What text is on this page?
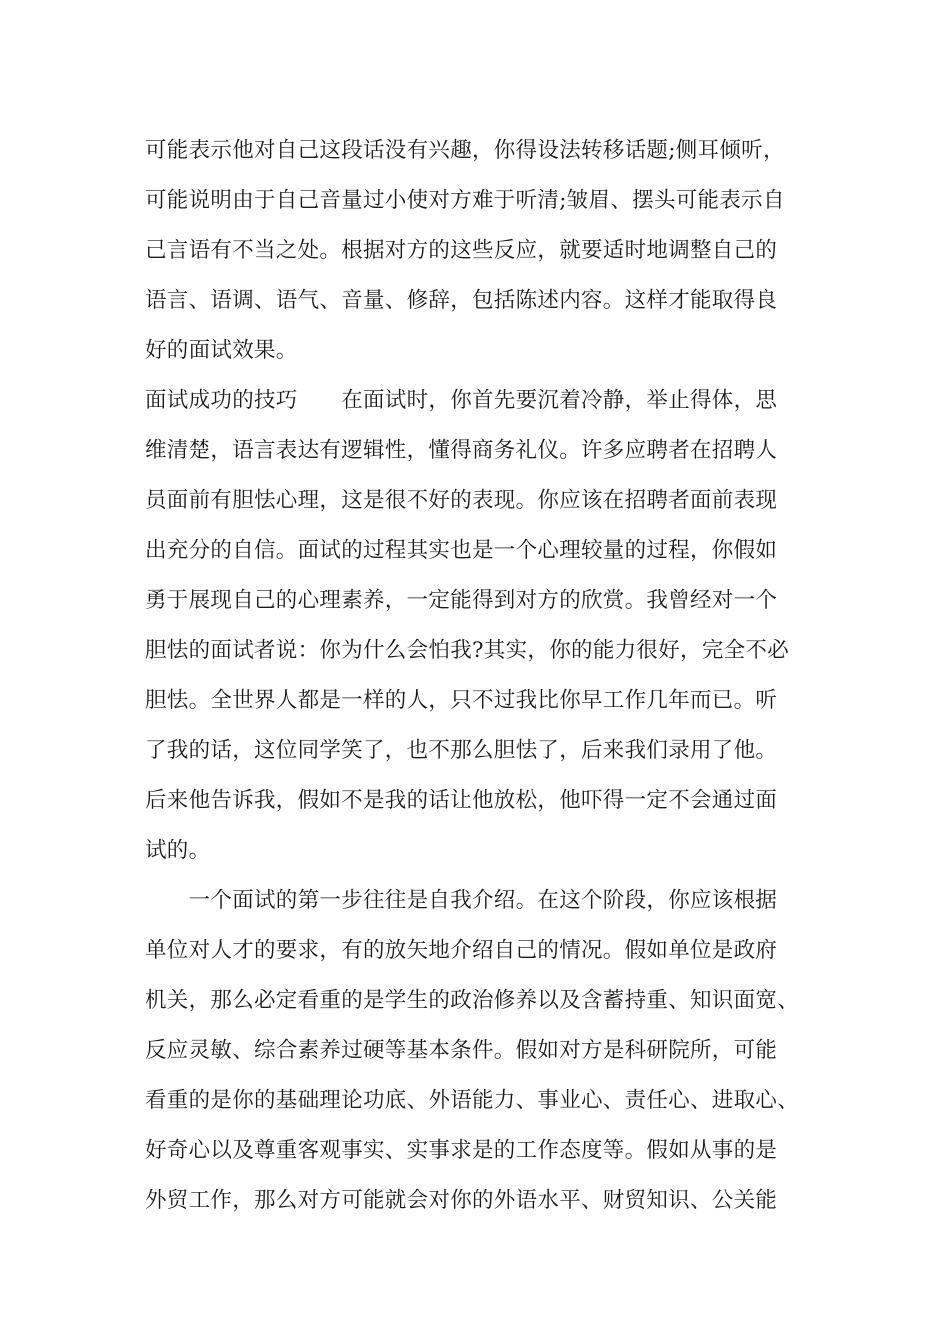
可能表示他对自己这段话没有兴趣，你得设法转移话题;侧耳倾听，
可能说明由于自己音量过小使对方难于听清;皱眉、摆头可能表示自
己言语有不当之处。根据对方的这些反应，就要适时地调整自己的
语言、语调、语气、音量、修辞，包括陈述内容。这样才能取得良
好的面试效果。
面试成功的技巧　　在面试时，你首先要沉着冷静，举止得体，思
维清楚，语言表达有逻辑性，懂得商务礼仪。许多应聘者在招聘人
员面前有胆怯心理，这是很不好的表现。你应该在招聘者面前表现
出充分的自信。面试的过程其实也是一个心理较量的过程，你假如
勇于展现自己的心理素养，一定能得到对方的欣赏。我曾经对一个
胆怯的面试者说：你为什么会怕我?其实，你的能力很好，完全不必
胆怯。全世界人都是一样的人，只不过我比你早工作几年而已。听
了我的话，这位同学笑了，也不那么胆怯了，后来我们录用了他。
后来他告诉我，假如不是我的话让他放松，他吓得一定不会通过面
试的。
　　一个面试的第一步往往是自我介绍。在这个阶段，你应该根据
单位对人才的要求，有的放矢地介绍自己的情况。假如单位是政府
机关，那么必定看重的是学生的政治修养以及含蓄持重、知识面宽、
反应灵敏、综合素养过硬等基本条件。假如对方是科研院所，可能
看重的是你的基础理论功底、外语能力、事业心、责任心、进取心、
好奇心以及尊重客观事实、实事求是的工作态度等。假如从事的是
外贸工作，那么对方可能就会对你的外语水平、财贸知识、公关能
